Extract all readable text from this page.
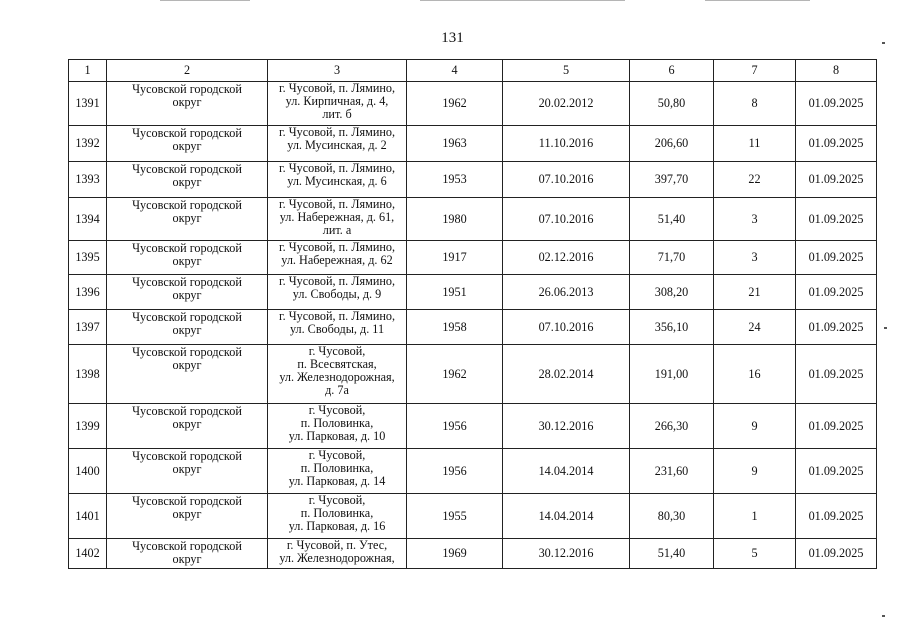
131
1	2	3	4	5	6	7	8
1391	Чусовской городской
округ	г. Чусовой, п. Лямино,
ул. Кирпичная, д. 4,
лит. б	1962	20.02.2012	50,80	8	01.09.2025
1392	Чусовской городской
округ	г. Чусовой, п. Лямино,
ул. Мусинская, д. 2	1963	11.10.2016	206,60	11	01.09.2025
1393	Чусовской городской
округ	г. Чусовой, п. Лямино,
ул. Мусинская, д. 6	1953	07.10.2016	397,70	22	01.09.2025
1394	Чусовской городской
округ	г. Чусовой, п. Лямино,
ул. Набережная, д. 61,
лит. а	1980	07.10.2016	51,40	3	01.09.2025
1395	Чусовской городской
округ	г. Чусовой, п. Лямино,
ул. Набережная, д. 62	1917	02.12.2016	71,70	3	01.09.2025
1396	Чусовской городской
округ	г. Чусовой, п. Лямино,
ул. Свободы, д. 9	1951	26.06.2013	308,20	21	01.09.2025
1397	Чусовской городской
округ	г. Чусовой, п. Лямино,
ул. Свободы, д. 11	1958	07.10.2016	356,10	24	01.09.2025
1398	Чусовской городской
округ	г. Чусовой,
п. Всесвятская,
ул. Железнодорожная,
д. 7а	1962	28.02.2014	191,00	16	01.09.2025
1399	Чусовской городской
округ	г. Чусовой,
п. Половинка,
ул. Парковая, д. 10	1956	30.12.2016	266,30	9	01.09.2025
1400	Чусовской городской
округ	г. Чусовой,
п. Половинка,
ул. Парковая, д. 14	1956	14.04.2014	231,60	9	01.09.2025
1401	Чусовской городской
округ	г. Чусовой,
п. Половинка,
ул. Парковая, д. 16	1955	14.04.2014	80,30	1	01.09.2025
1402	Чусовской городской
округ	г. Чусовой, п. Утес,
ул. Железнодорожная,	1969	30.12.2016	51,40	5	01.09.2025
